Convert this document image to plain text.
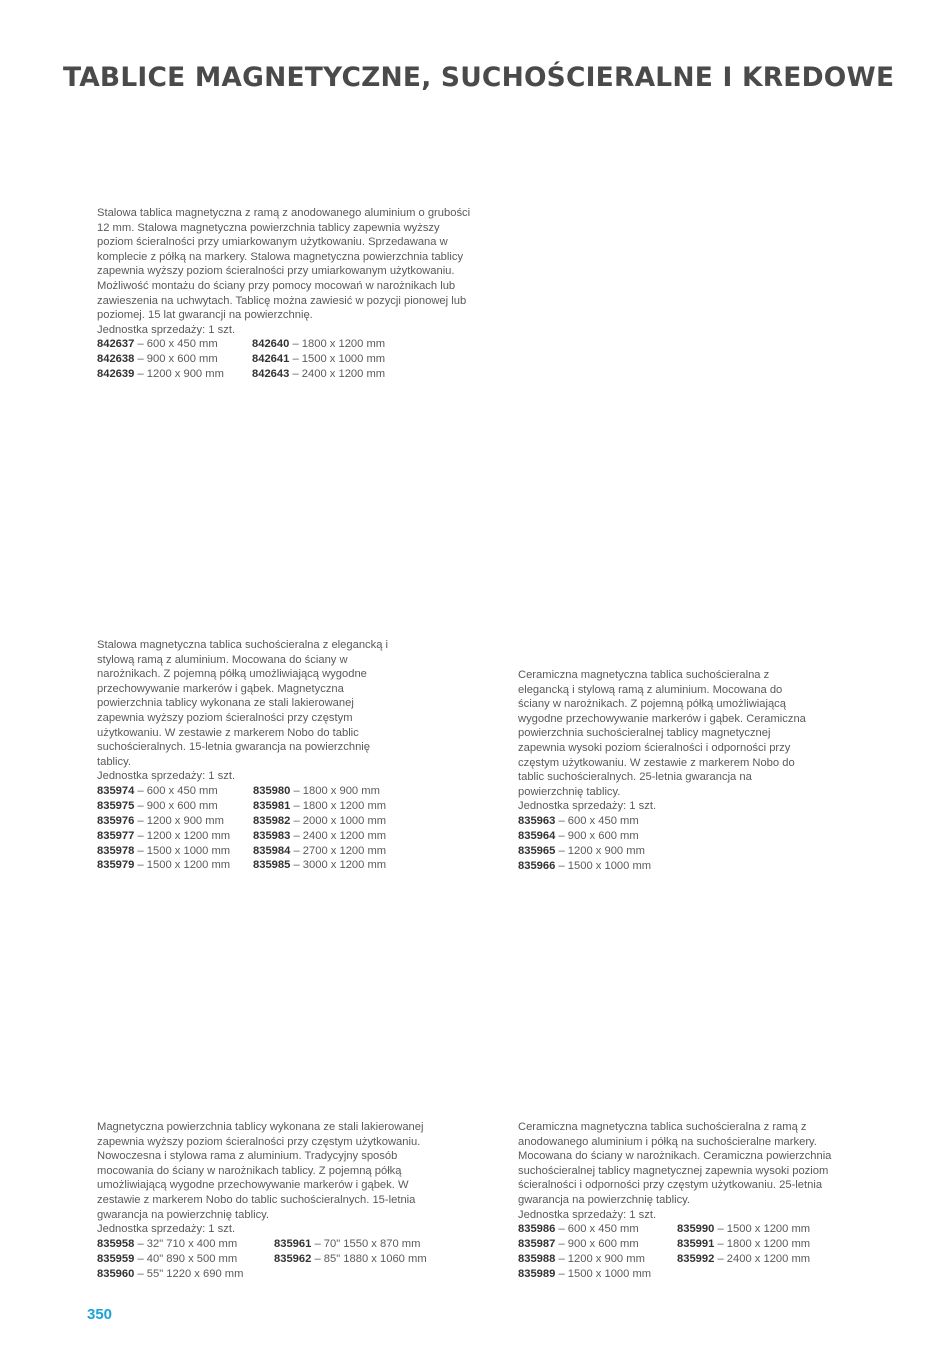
TABLICE MAGNETYCZNE, SUCHOŚCIERALNE I KREDOWE

Stalowa tablica magnetyczna z ramą z anodowanego aluminium o grubości 12 mm. Stalowa magnetyczna powierzchnia tablicy zapewnia wyższy poziom ścieralności przy umiarkowanym użytkowaniu. Sprzedawana w komplecie z półką na markery. Stalowa magnetyczna powierzchnia tablicy zapewnia wyższy poziom ścieralności przy umiarkowanym użytkowaniu. Możliwość montażu do ściany przy pomocy mocowań w narożnikach lub zawieszenia na uchwytach. Tablicę można zawiesić w pozycji pionowej lub poziomej. 15 lat gwarancji na powierzchnię.

Jednostka sprzedaży: 1 szt.

842637 – 600 x 450 mm
842638 – 900 x 600 mm
842639 – 1200 x 900 mm
842640 – 1800 x 1200 mm
842641 – 1500 x 1000 mm
842643 – 2400 x 1200 mm

Stalowa magnetyczna tablica suchościeralna z elegancką i stylową ramą z aluminium. Mocowana do ściany w narożnikach. Z pojemną półką umożliwiającą wygodne przechowywanie markerów i gąbek. Magnetyczna powierzchnia tablicy wykonana ze stali lakierowanej zapewnia wyższy poziom ścieralności przy częstym użytkowaniu. W zestawie z markerem Nobo do tablic suchościeralnych. 15-letnia gwarancja na powierzchnię tablicy.

Jednostka sprzedaży: 1 szt.

835974 – 600 x 450 mm
835975 – 900 x 600 mm
835976 – 1200 x 900 mm
835977 – 1200 x 1200 mm
835978 – 1500 x 1000 mm
835979 – 1500 x 1200 mm
835980 – 1800 x 900 mm
835981 – 1800 x 1200 mm
835982 – 2000 x 1000 mm
835983 – 2400 x 1200 mm
835984 – 2700 x 1200 mm
835985 – 3000 x 1200 mm

Ceramiczna magnetyczna tablica suchościeralna z elegancką i stylową ramą z aluminium. Mocowana do ściany w narożnikach. Z pojemną półką umożliwiającą wygodne przechowywanie markerów i gąbek. Ceramiczna powierzchnia suchościeralnej tablicy magnetycznej zapewnia wysoki poziom ścieralności i odporności przy częstym użytkowaniu. W zestawie z markerem Nobo do tablic suchościeralnych. 25-letnia gwarancja na powierzchnię tablicy.

Jednostka sprzedaży: 1 szt.

835963 – 600 x 450 mm
835964 – 900 x 600 mm
835965 – 1200 x 900 mm
835966 – 1500 x 1000 mm

Magnetyczna powierzchnia tablicy wykonana ze stali lakierowanej zapewnia wyższy poziom ścieralności przy częstym użytkowaniu. Nowoczesna i stylowa rama z aluminium. Tradycyjny sposób mocowania do ściany w narożnikach tablicy. Z pojemną półką umożliwiającą wygodne przechowywanie markerów i gąbek. W zestawie z markerem Nobo do tablic suchościeralnych. 15-letnia gwarancja na powierzchnię tablicy.

Jednostka sprzedaży: 1 szt.

835958 – 32" 710 x 400 mm
835959 – 40" 890 x 500 mm
835960 – 55" 1220 x 690 mm
835961 – 70" 1550 x 870 mm
835962 – 85" 1880 x 1060 mm

Ceramiczna magnetyczna tablica suchościeralna z ramą z anodowanego aluminium i półką na suchościeralne markery. Mocowana do ściany w narożnikach. Ceramiczna powierzchnia suchościeralnej tablicy magnetycznej zapewnia wysoki poziom ścieralności i odporności przy częstym użytkowaniu. 25-letnia gwarancja na powierzchnię tablicy.

Jednostka sprzedaży: 1 szt.

835986 – 600 x 450 mm
835987 – 900 x 600 mm
835988 – 1200 x 900 mm
835989 – 1500 x 1000 mm
835990 – 1500 x 1200 mm
835991 – 1800 x 1200 mm
835992 – 2400 x 1200 mm
350
